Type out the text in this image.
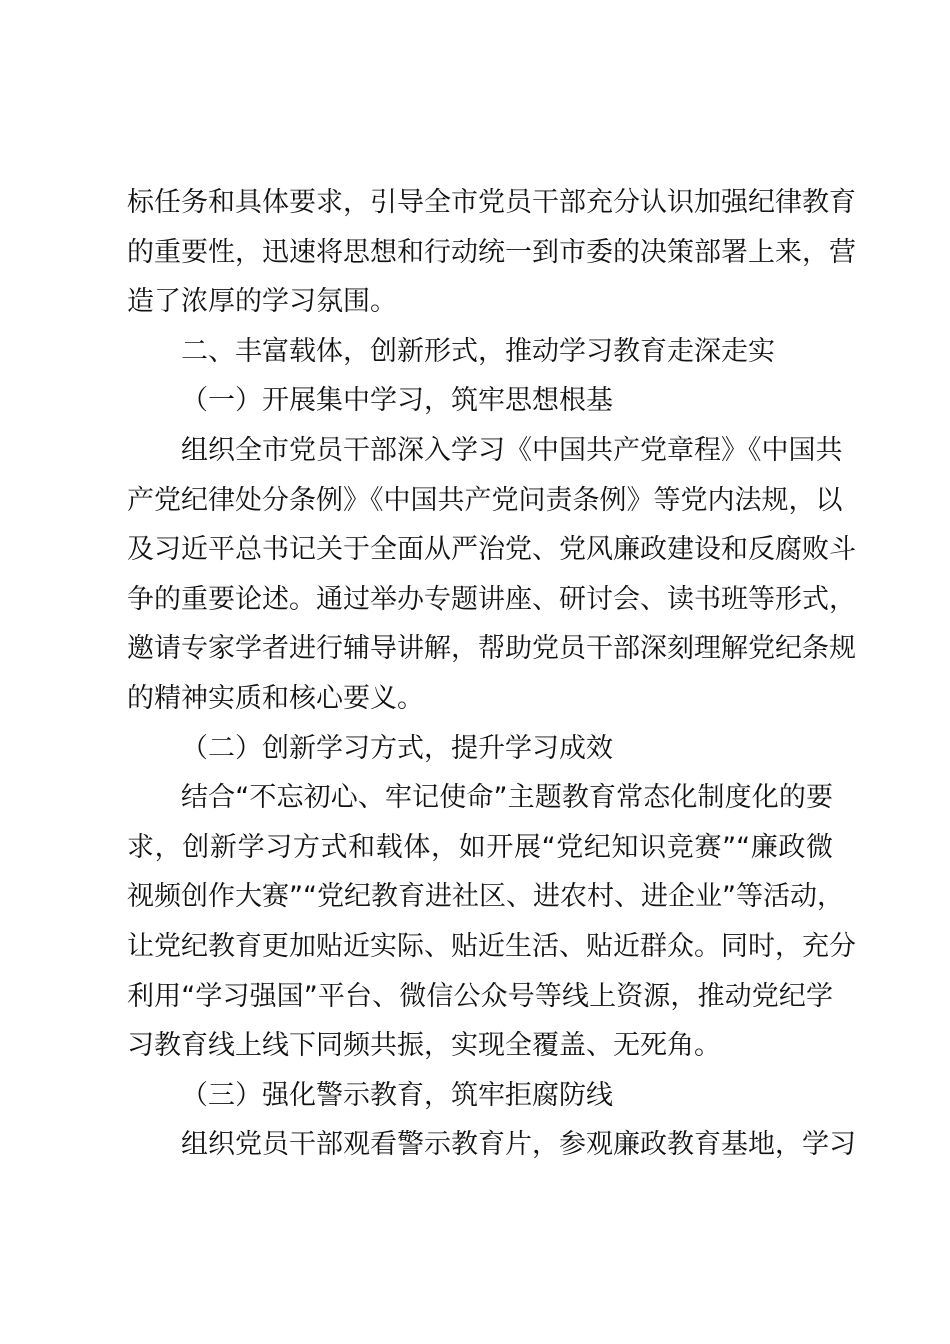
标任务和具体要求，引导全市党员干部充分认识加强纪律教育
的重要性，迅速将思想和行动统一到市委的决策部署上来，营
造了浓厚的学习氛围。
二、丰富载体，创新形式，推动学习教育走深走实
（一）开展集中学习，筑牢思想根基
组织全市党员干部深入学习《中国共产党章程》《中国共
产党纪律处分条例》《中国共产党问责条例》等党内法规，以
及习近平总书记关于全面从严治党、党风廉政建设和反腐败斗
争的重要论述。通过举办专题讲座、研讨会、读书班等形式，
邀请专家学者进行辅导讲解，帮助党员干部深刻理解党纪条规
的精神实质和核心要义。
（二）创新学习方式，提升学习成效
结合“不忘初心、牢记使命”主题教育常态化制度化的要
求，创新学习方式和载体，如开展“党纪知识竞赛”“廉政微
视频创作大赛”“党纪教育进社区、进农村、进企业”等活动，
让党纪教育更加贴近实际、贴近生活、贴近群众。同时，充分
利用“学习强国”平台、微信公众号等线上资源，推动党纪学
习教育线上线下同频共振，实现全覆盖、无死角。
（三）强化警示教育，筑牢拒腐防线
组织党员干部观看警示教育片，参观廉政教育基地，学习
